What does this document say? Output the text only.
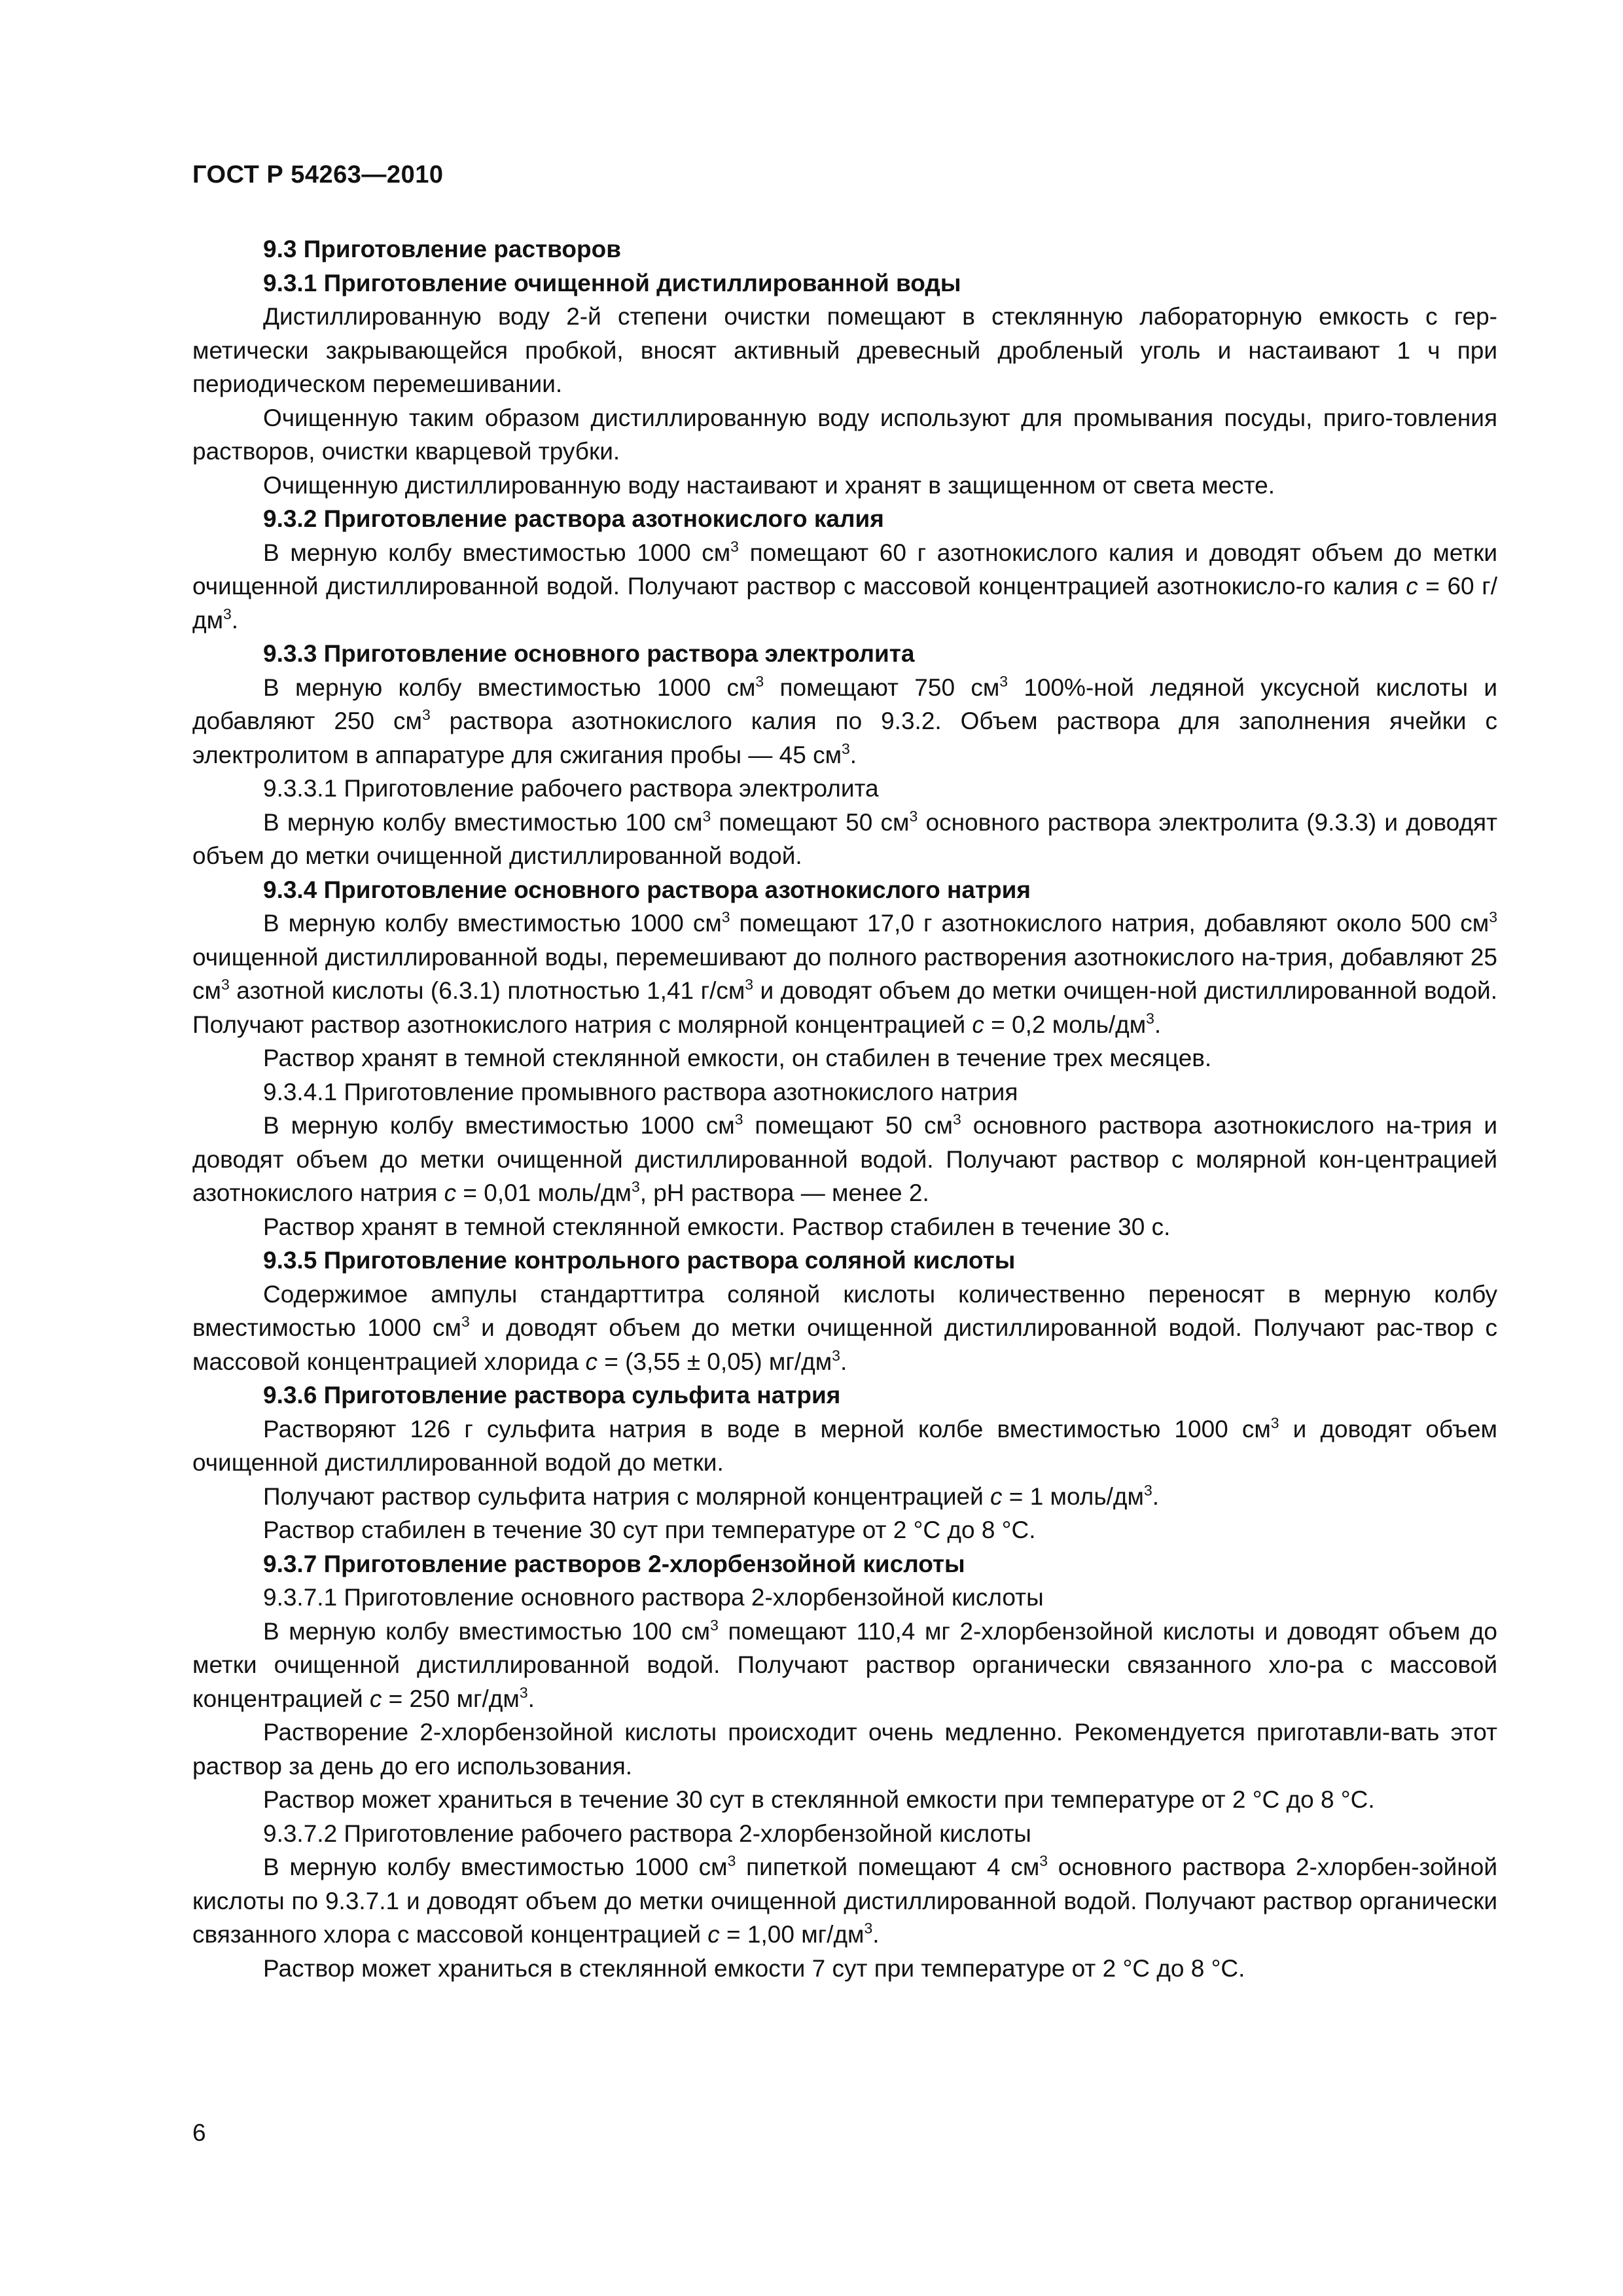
ГОСТ Р 54263—2010

9.3 Приготовление растворов

9.3.1 Приготовление очищенной дистиллированной воды

Дистиллированную воду 2-й степени очистки помещают в стеклянную лабораторную емкость с герметически закрывающейся пробкой, вносят активный древесный дробленый уголь и настаивают 1 ч при периодическом перемешивании.

Очищенную таким образом дистиллированную воду используют для промывания посуды, приго-товления растворов, очистки кварцевой трубки.

Очищенную дистиллированную воду настаивают и хранят в защищенном от света месте.

9.3.2 Приготовление раствора азотнокислого калия

В мерную колбу вместимостью 1000 $см^3$ помещают 60 г азотнокислого калия и доводят объем до метки очищенной дистиллированной водой. Получают раствор с массовой концентрацией азотнокисло-го калия c = 60 $г/дм^3$.

9.3.3 Приготовление основного раствора электролита

В мерную колбу вместимостью 1000 $см^3$ помещают 750 $см^3$ 100%-ной ледяной уксусной кислоты и добавляют 250 $см^3$ раствора азотнокислого калия по 9.3.2. Объем раствора для заполнения ячейки с электролитом в аппаратуре для сжигания пробы — 45 $см^3$.

9.3.3.1 Приготовление рабочего раствора электролита

В мерную колбу вместимостью 100 $см^3$ помещают 50 $см^3$ основного раствора электролита (9.3.3) и доводят объем до метки очищенной дистиллированной водой.

9.3.4 Приготовление основного раствора азотнокислого натрия

В мерную колбу вместимостью 1000 $см^3$ помещают 17,0 г азотнокислого натрия, добавляют около 500 $см^3$ очищенной дистиллированной воды, перемешивают до полного растворения азотнокислого на-трия, добавляют 25 $см^3$ азотной кислоты (6.3.1) плотностью 1,41 $г/см^3$ и доводят объем до метки очищен-ной дистиллированной водой. Получают раствор азотнокислого натрия с молярной концентрацией c = 0,2 моль/$дм^3$.

Раствор хранят в темной стеклянной емкости, он стабилен в течение трех месяцев.

9.3.4.1 Приготовление промывного раствора азотнокислого натрия

В мерную колбу вместимостью 1000 $см^3$ помещают 50 $см^3$ основного раствора азотнокислого на-трия и доводят объем до метки очищенной дистиллированной водой. Получают раствор с молярной кон-центрацией азотнокислого натрия c = 0,01 моль/$дм^3$, pH раствора — менее 2.

Раствор хранят в темной стеклянной емкости. Раствор стабилен в течение 30 с.

9.3.5 Приготовление контрольного раствора соляной кислоты

Содержимое ампулы стандарттитра соляной кислоты количественно переносят в мерную колбу вместимостью 1000 $см^3$ и доводят объем до метки очищенной дистиллированной водой. Получают рас-твор с массовой концентрацией хлорида c = (3,55 ± 0,05) $мг/дм^3$.

9.3.6 Приготовление раствора сульфита натрия

Растворяют 126 г сульфита натрия в воде в мерной колбе вместимостью 1000 $см^3$ и доводят объем очищенной дистиллированной водой до метки.

Получают раствор сульфита натрия с молярной концентрацией c = 1 моль/$дм^3$.

Раствор стабилен в течение 30 сут при температуре от 2 °С до 8 °С.

9.3.7 Приготовление растворов 2-хлорбензойной кислоты

9.3.7.1 Приготовление основного раствора 2-хлорбензойной кислоты

В мерную колбу вместимостью 100 $см^3$ помещают 110,4 мг 2-хлорбензойной кислоты и доводят объем до метки очищенной дистиллированной водой. Получают раствор органически связанного хло-ра с массовой концентрацией c = 250 $мг/дм^3$.

Растворение 2-хлорбензойной кислоты происходит очень медленно. Рекомендуется приготавли-вать этот раствор за день до его использования.

Раствор может храниться в течение 30 сут в стеклянной емкости при температуре от 2 °С до 8 °С.

9.3.7.2 Приготовление рабочего раствора 2-хлорбензойной кислоты

В мерную колбу вместимостью 1000 $см^3$ пипеткой помещают 4 $см^3$ основного раствора 2-хлорбен-зойной кислоты по 9.3.7.1 и доводят объем до метки очищенной дистиллированной водой. Получают раствор органически связанного хлора с массовой концентрацией c = 1,00 $мг/дм^3$.

Раствор может храниться в стеклянной емкости 7 сут при температуре от 2 °С до 8 °С.

6
